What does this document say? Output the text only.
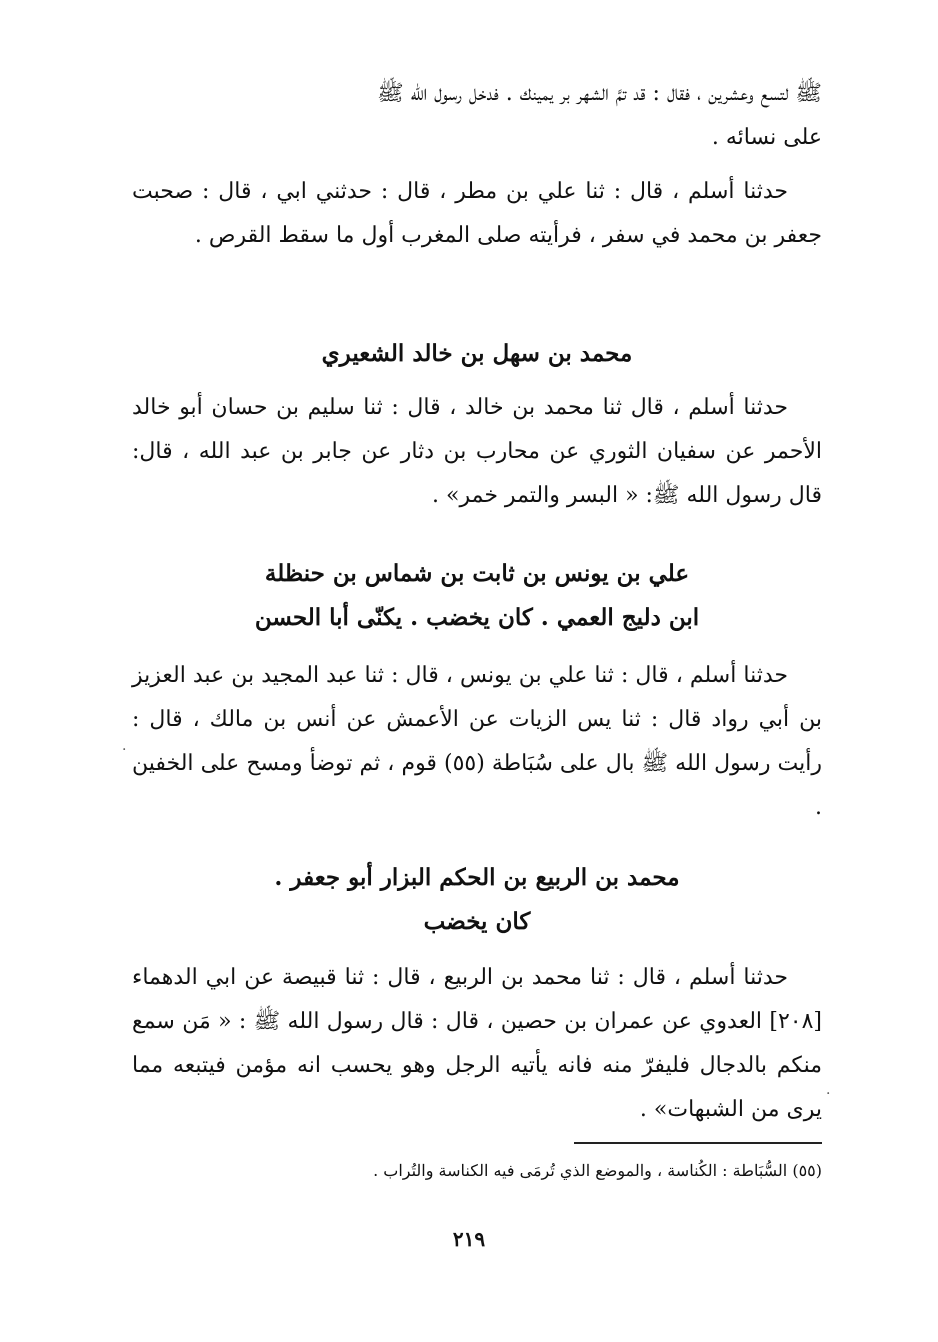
ﷺ لتسع وعشرين ، فقال : قد تمَّ الشهر بر يمينك . فدخل رسول الله ﷺ
على نسائه .
حدثنا أسلم ، قال : ثنا علي بن مطر ، قال : حدثني ابي ، قال : صحبت جعفر بن محمد في سفر ، فرأيته صلى المغرب أول ما سقط القرص .
محمد بن سهل بن خالد الشعيري
حدثنا أسلم ، قال ثنا محمد بن خالد ، قال : ثنا سليم بن حسان أبو خالد الأحمر عن سفيان الثوري عن محارب بن دثار عن جابر بن عبد الله ، قال: قال رسول الله ﷺ: « البسر والتمر خمر» .
علي بن يونس بن ثابت بن شماس بن حنظلة
ابن دليج العمي . كان يخضب . يكنّى أبا الحسن
حدثنا أسلم ، قال : ثنا علي بن يونس ، قال : ثنا عبد المجيد بن عبد العزيز بن أبي رواد قال : ثنا يس الزيات عن الأعمش عن أنس بن مالك ، قال : رأيت رسول الله ﷺ بال على سُبَاطة (٥٥) قوم ، ثم توضأ ومسح على الخفين .
محمد بن الربيع بن الحكم البزار أبو جعفر .
كان يخضب
حدثنا أسلم ، قال : ثنا محمد بن الربيع ، قال : ثنا قبيصة عن ابي الدهماء [٢٠٨] العدوي عن عمران بن حصين ، قال : قال رسول الله ﷺ : « مَن سمع منكم بالدجال فليفرّ منه فانه يأتيه الرجل وهو يحسب انه مؤمن فيتبعه مما يرى من الشبهات» .
(٥٥) السُّبَاطة : الكُناسة ، والموضع الذي تُرمَى فيه الكناسة والتُراب .
٢١٩
·
·
